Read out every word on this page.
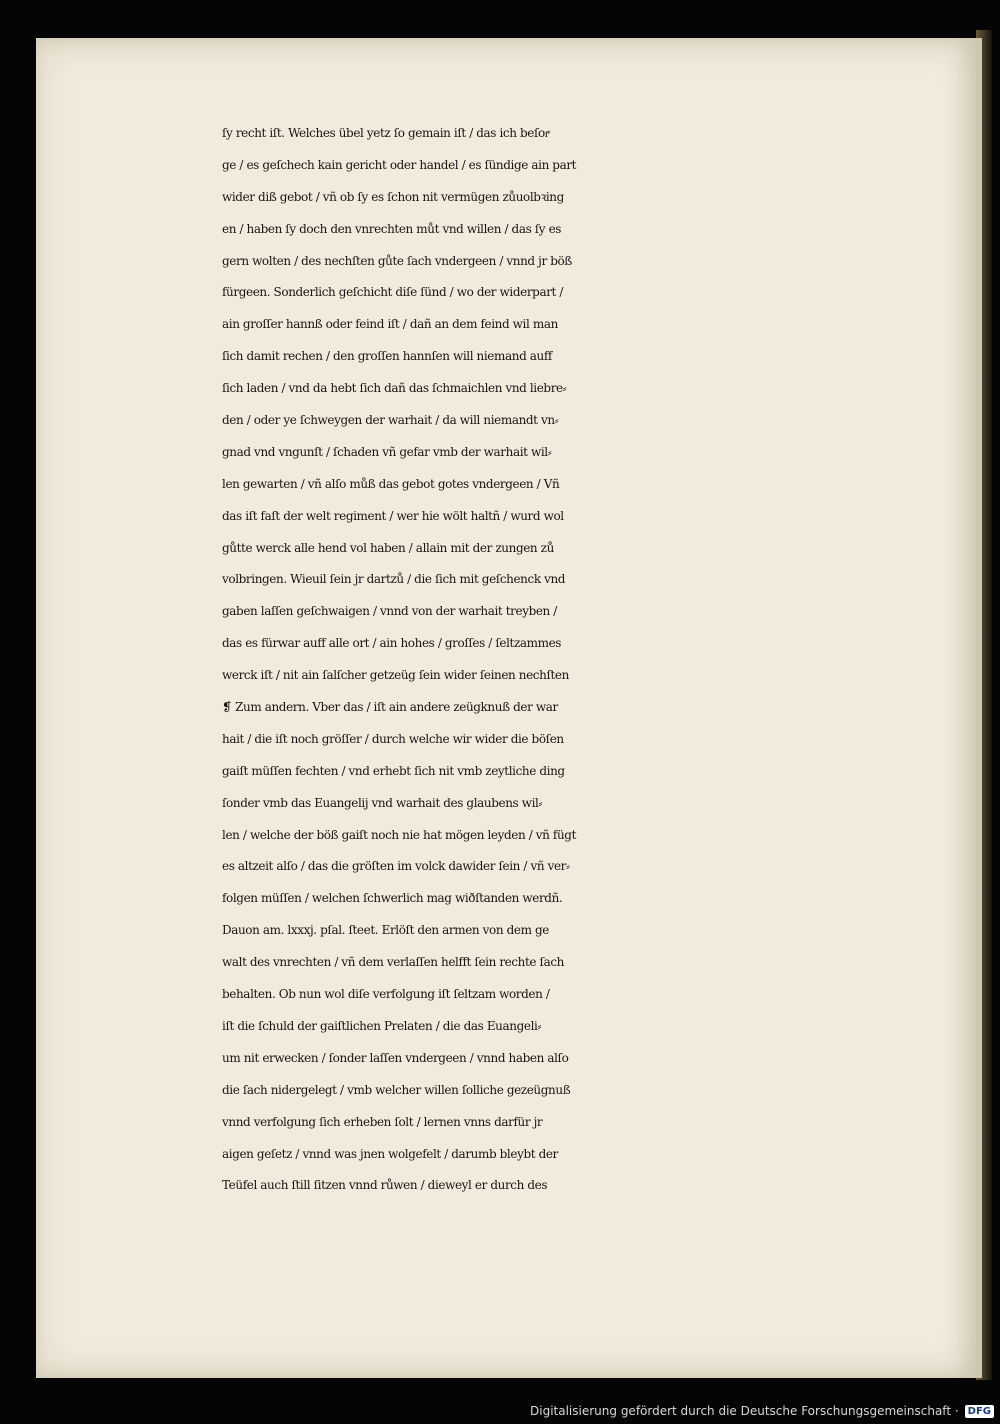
ſy recht iſt. Welches übel yetz ſo gemain iſt / das ich beſorͤ
ge / es geſchech kain gericht oder handel / es ſündige ain part
wider diß gebot / vñ ob ſy es ſchon nit vermügen zůuolbꝛing
en / haben ſy doch den vnrechten můt vnd willen / das ſy es
gern wolten / des nechſten gůte ſach vndergeen / vnnd jr böß
fürgeen. Sonderlich geſchicht diſe ſünd / wo der widerpart /
ain groſſer hannß oder feind iſt / dañ an dem feind wil man
ſich damit rechen / den groſſen hannſen will niemand auff
ſich laden / vnd da hebt ſich dañ das ſchmaichlen vnd liebre⸗
den / oder ye ſchweygen der warhait / da will niemandt vn⸗
gnad vnd vngunſt / ſchaden vñ gefar vmb der warhait wil⸗
len gewarten / vñ alſo můß das gebot gotes vndergeen / Vñ
das iſt faſt der welt regiment / wer hie wölt haltñ / wurd wol
gůtte werck alle hend vol haben / allain mit der zungen zů
volbringen. Wieuil ſein jr dartzů / die ſich mit geſchenck vnd
gaben laſſen geſchwaigen / vnnd von der warhait treyben /
das es fürwar auff alle ort / ain hohes / groſſes / ſeltzammes
werck iſt / nit ain ſalſcher getzeüg ſein wider ſeinen nechſten
❡ Zum andern. Vber das / iſt ain andere zeügknuß der war
hait / die iſt noch gröſſer / durch welche wir wider die böſen
gaiſt müſſen fechten / vnd erhebt ſich nit vmb zeytliche ding
ſonder vmb das Euangelij vnd warhait des glaubens wil⸗
len / welche der böß gaiſt noch nie hat mögen leyden / vñ fügt
es altzeit alſo / das die gröſten im volck dawider ſein / vñ ver⸗
folgen müſſen / welchen ſchwerlich mag wiðſtanden werdñ.
Dauon am. lxxxj. pſal. ſteet. Erlöſt den armen von dem ge
walt des vnrechten / vñ dem verlaſſen helfft ſein rechte ſach
behalten. Ob nun wol diſe verfolgung iſt ſeltzam worden /
iſt die ſchuld der gaiſtlichen Prelaten / die das Euangeli⸗
um nit erwecken / ſonder laſſen vndergeen / vnnd haben alſo
die ſach nidergelegt / vmb welcher willen ſolliche gezeügnuß
vnnd verfolgung ſich erheben ſolt / lernen vnns darfür jr
aigen geſetz / vnnd was jnen wolgefelt / darumb bleybt der
Teüfel auch ſtill ſitzen vnnd růwen / dieweyl er durch des
Digitalisierung gefördert durch die Deutsche Forschungsgemeinschaft · DFG
